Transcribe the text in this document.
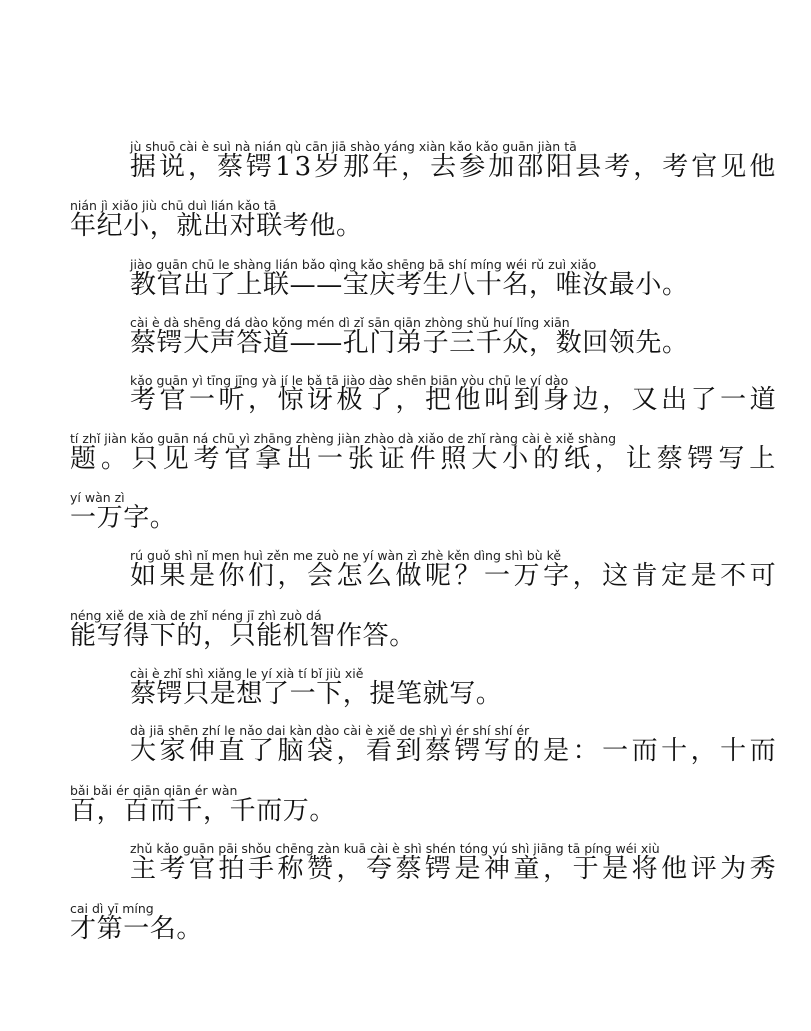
jù shuō cài è suì nà nián qù cān jiā shào yáng xiàn kǎo kǎo guān jiàn tā
据说，蔡锷13岁那年，去参加邵阳县考，考官见他
nián jì xiǎo jiù chū duì lián kǎo tā
年纪小，就出对联考他。
jiào guān chū le shàng lián bǎo qìng kǎo shēng bā shí míng wéi rǔ zuì xiǎo
教官出了上联——宝庆考生八十名，唯汝最小。
cài è dà shēng dá dào kǒng mén dì zǐ sān qiān zhòng shǔ huí lǐng xiān
蔡锷大声答道——孔门弟子三千众，数回领先。
kǎo guān yì tīng jīng yà jí le bǎ tā jiào dào shēn biān yòu chū le yí dào
考官一听，惊讶极了，把他叫到身边，又出了一道
tí zhǐ jiàn kǎo guān ná chū yì zhāng zhèng jiàn zhào dà xiǎo de zhǐ ràng cài è xiě shàng
题。只见考官拿出一张证件照大小的纸，让蔡锷写上
yí wàn zì
一万字。
rú guǒ shì nǐ men huì zěn me zuò ne yí wàn zì zhè kěn dìng shì bù kě
如果是你们，会怎么做呢？一万字，这肯定是不可
néng xiě de xià de zhǐ néng jī zhì zuò dá
能写得下的，只能机智作答。
cài è zhǐ shì xiǎng le yí xià tí bǐ jiù xiě
蔡锷只是想了一下，提笔就写。
dà jiā shēn zhí le nǎo dai kàn dào cài è xiě de shì yì ér shí shí ér
大家伸直了脑袋，看到蔡锷写的是：一而十，十而
bǎi bǎi ér qiān qiān ér wàn
百，百而千，千而万。
zhǔ kǎo guān pāi shǒu chēng zàn kuā cài è shì shén tóng yú shì jiāng tā píng wéi xiù
主考官拍手称赞，夸蔡锷是神童，于是将他评为秀
cai dì yī míng
才第一名。
